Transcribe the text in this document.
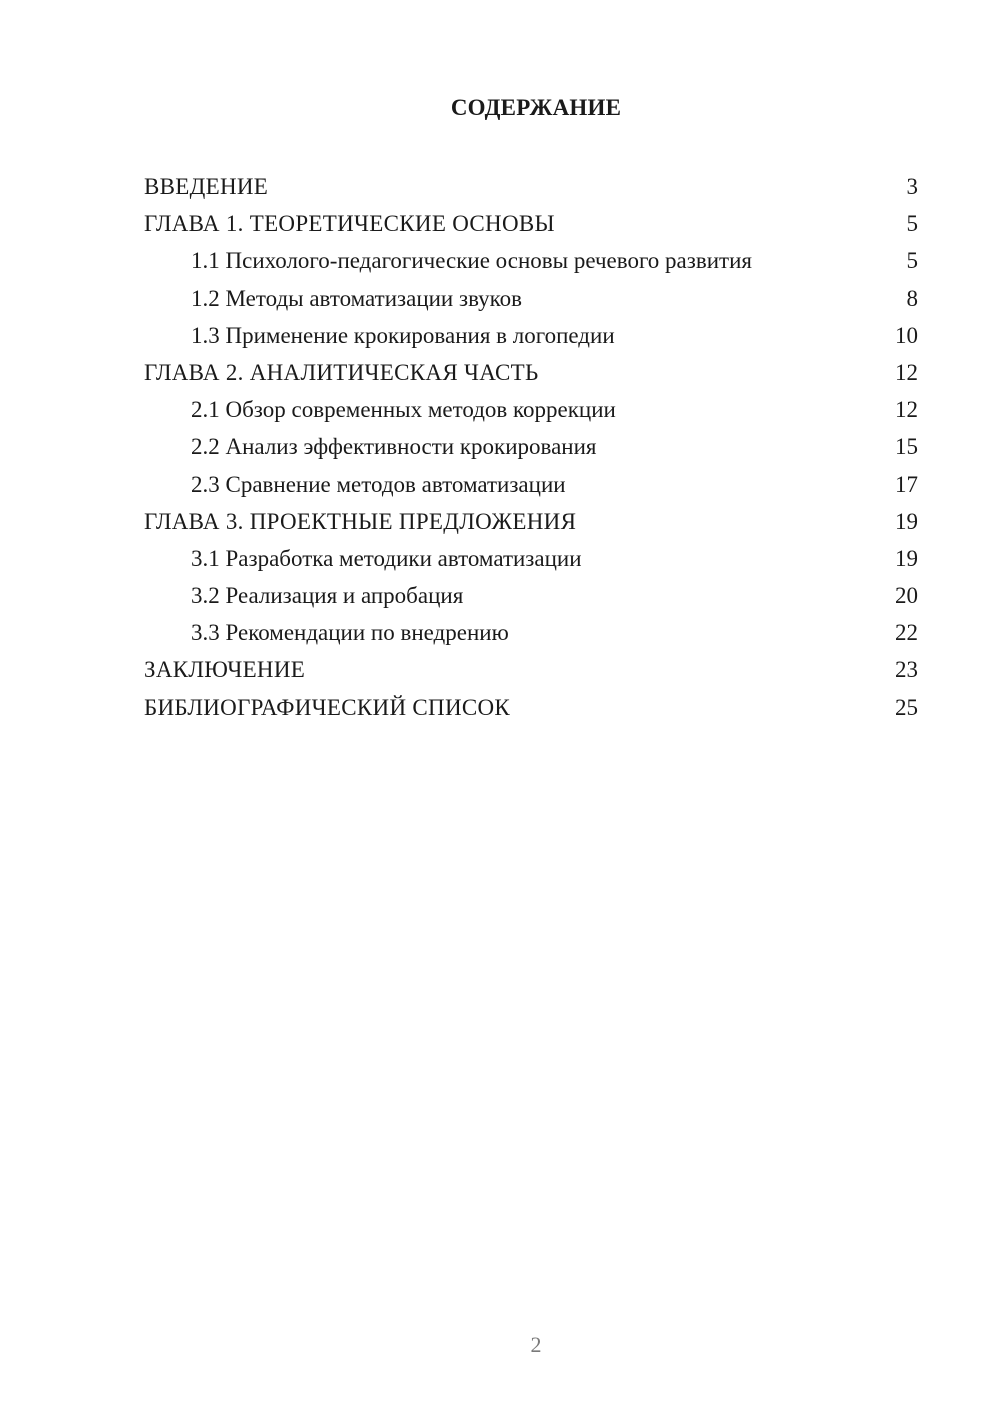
СОДЕРЖАНИЕ
ВВЕДЕНИЕ	3
ГЛАВА 1. ТЕОРЕТИЧЕСКИЕ ОСНОВЫ	5
1.1 Психолого-педагогические основы речевого развития	5
1.2 Методы автоматизации звуков	8
1.3 Применение крокирования в логопедии	10
ГЛАВА 2. АНАЛИТИЧЕСКАЯ ЧАСТЬ	12
2.1 Обзор современных методов коррекции	12
2.2 Анализ эффективности крокирования	15
2.3 Сравнение методов автоматизации	17
ГЛАВА 3. ПРОЕКТНЫЕ ПРЕДЛОЖЕНИЯ	19
3.1 Разработка методики автоматизации	19
3.2 Реализация и апробация	20
3.3 Рекомендации по внедрению	22
ЗАКЛЮЧЕНИЕ	23
БИБЛИОГРАФИЧЕСКИЙ СПИСОК	25
2
